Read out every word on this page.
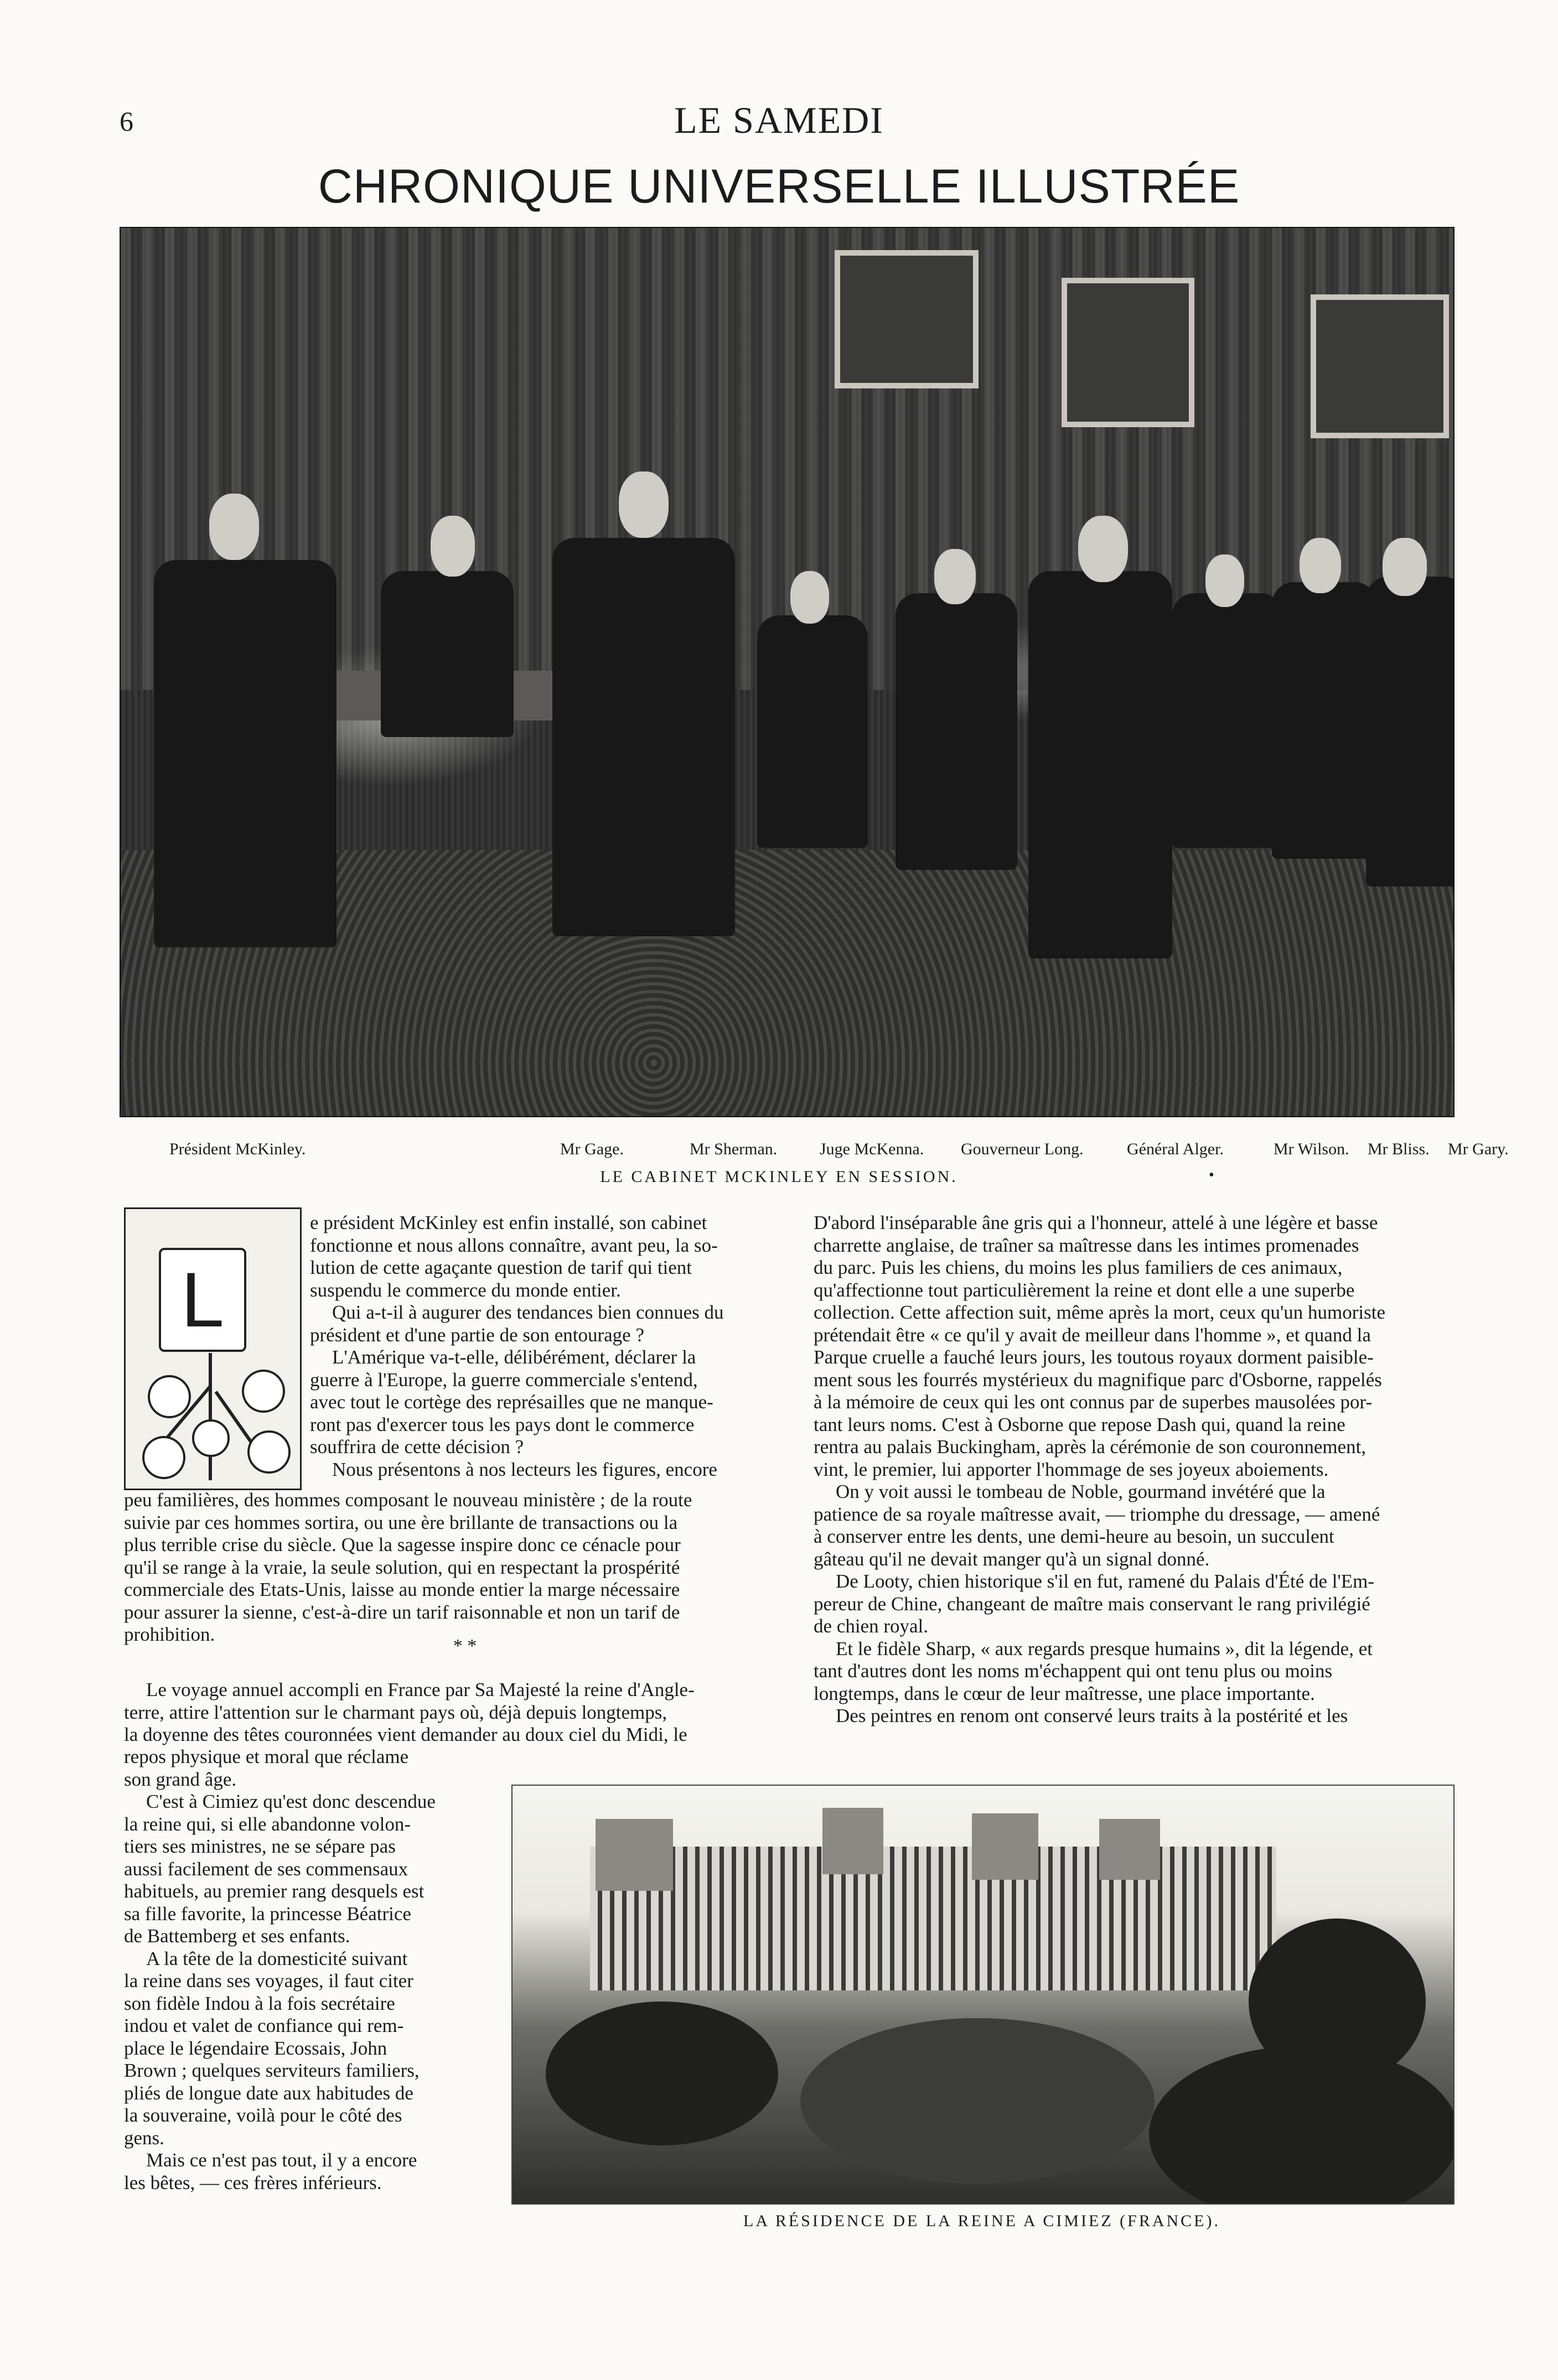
6	LE SAMEDI
CHRONIQUE UNIVERSELLE ILLUSTRÉE
Président McKinley.	Mr Gage.	Mr Sherman.	Juge McKenna. Gouverneur Long.	Général Alger.	Mr Wilson. Mr Bliss. Mr Gary.
LE CABINET MCKINLEY EN SESSION.	•
L

e président McKinley est enfin installé, son cabinet
fonctionne et nous allons connaître, avant peu, la so-
lution de cette agaçante question de tarif qui tient
suspendu le commerce du monde entier.

Qui a-t-il à augurer des tendances bien connues du
président et d'une partie de son entourage ?

L'Amérique va-t-elle, délibérément, déclarer la
guerre à l'Europe, la guerre commerciale s'entend,
avec tout le cortège des représailles que ne manque-
ront pas d'exercer tous les pays dont le commerce
souffrira de cette décision ?

Nous présentons à nos lecteurs les figures, encore

peu familières, des hommes composant le nouveau ministère ; de la route
suivie par ces hommes sortira, ou une ère brillante de transactions ou la
plus terrible crise du siècle. Que la sagesse inspire donc ce cénacle pour
qu'il se range à la vraie, la seule solution, qui en respectant la prospérité
commerciale des Etats-Unis, laisse au monde entier la marge nécessaire
pour assurer la sienne, c'est-à-dire un tarif raisonnable et non un tarif de
prohibition.

* *

Le voyage annuel accompli en France par Sa Majesté la reine d'Angle-
terre, attire l'attention sur le charmant pays où, déjà depuis longtemps,
la doyenne des têtes couronnées vient demander au doux ciel du Midi, le

repos physique et moral que réclame
son grand âge.

C'est à Cimiez qu'est donc descendue
la reine qui, si elle abandonne volon-
tiers ses ministres, ne se sépare pas
aussi facilement de ses commensaux
habituels, au premier rang desquels est
sa fille favorite, la princesse Béatrice
de Battemberg et ses enfants.

A la tête de la domesticité suivant
la reine dans ses voyages, il faut citer
son fidèle Indou à la fois secrétaire
indou et valet de confiance qui rem-
place le légendaire Ecossais, John
Brown ; quelques serviteurs familiers,
pliés de longue date aux habitudes de
la souveraine, voilà pour le côté des
gens.

Mais ce n'est pas tout, il y a encore
les bêtes, — ces frères inférieurs.

D'abord l'inséparable âne gris qui a l'honneur, attelé à une légère et basse
charrette anglaise, de traîner sa maîtresse dans les intimes promenades
du parc. Puis les chiens, du moins les plus familiers de ces animaux,
qu'affectionne tout particulièrement la reine et dont elle a une superbe
collection. Cette affection suit, même après la mort, ceux qu'un humoriste
prétendait être « ce qu'il y avait de meilleur dans l'homme », et quand la
Parque cruelle a fauché leurs jours, les toutous royaux dorment paisible-
ment sous les fourrés mystérieux du magnifique parc d'Osborne, rappelés
à la mémoire de ceux qui les ont connus par de superbes mausolées por-
tant leurs noms. C'est à Osborne que repose Dash qui, quand la reine
rentra au palais Buckingham, après la cérémonie de son couronnement,
vint, le premier, lui apporter l'hommage de ses joyeux aboiements.

On y voit aussi le tombeau de Noble, gourmand invétéré que la
patience de sa royale maîtresse avait, — triomphe du dressage, — amené
à conserver entre les dents, une demi-heure au besoin, un succulent
gâteau qu'il ne devait manger qu'à un signal donné.

De Looty, chien historique s'il en fut, ramené du Palais d'Été de l'Em-
pereur de Chine, changeant de maître mais conservant le rang privilégié
de chien royal.

Et le fidèle Sharp, « aux regards presque humains », dit la légende, et
tant d'autres dont les noms m'échappent qui ont tenu plus ou moins
longtemps, dans le cœur de leur maîtresse, une place importante.

Des peintres en renom ont conservé leurs traits à la postérité et les

LA RÉSIDENCE DE LA REINE A CIMIEZ (FRANCE).
